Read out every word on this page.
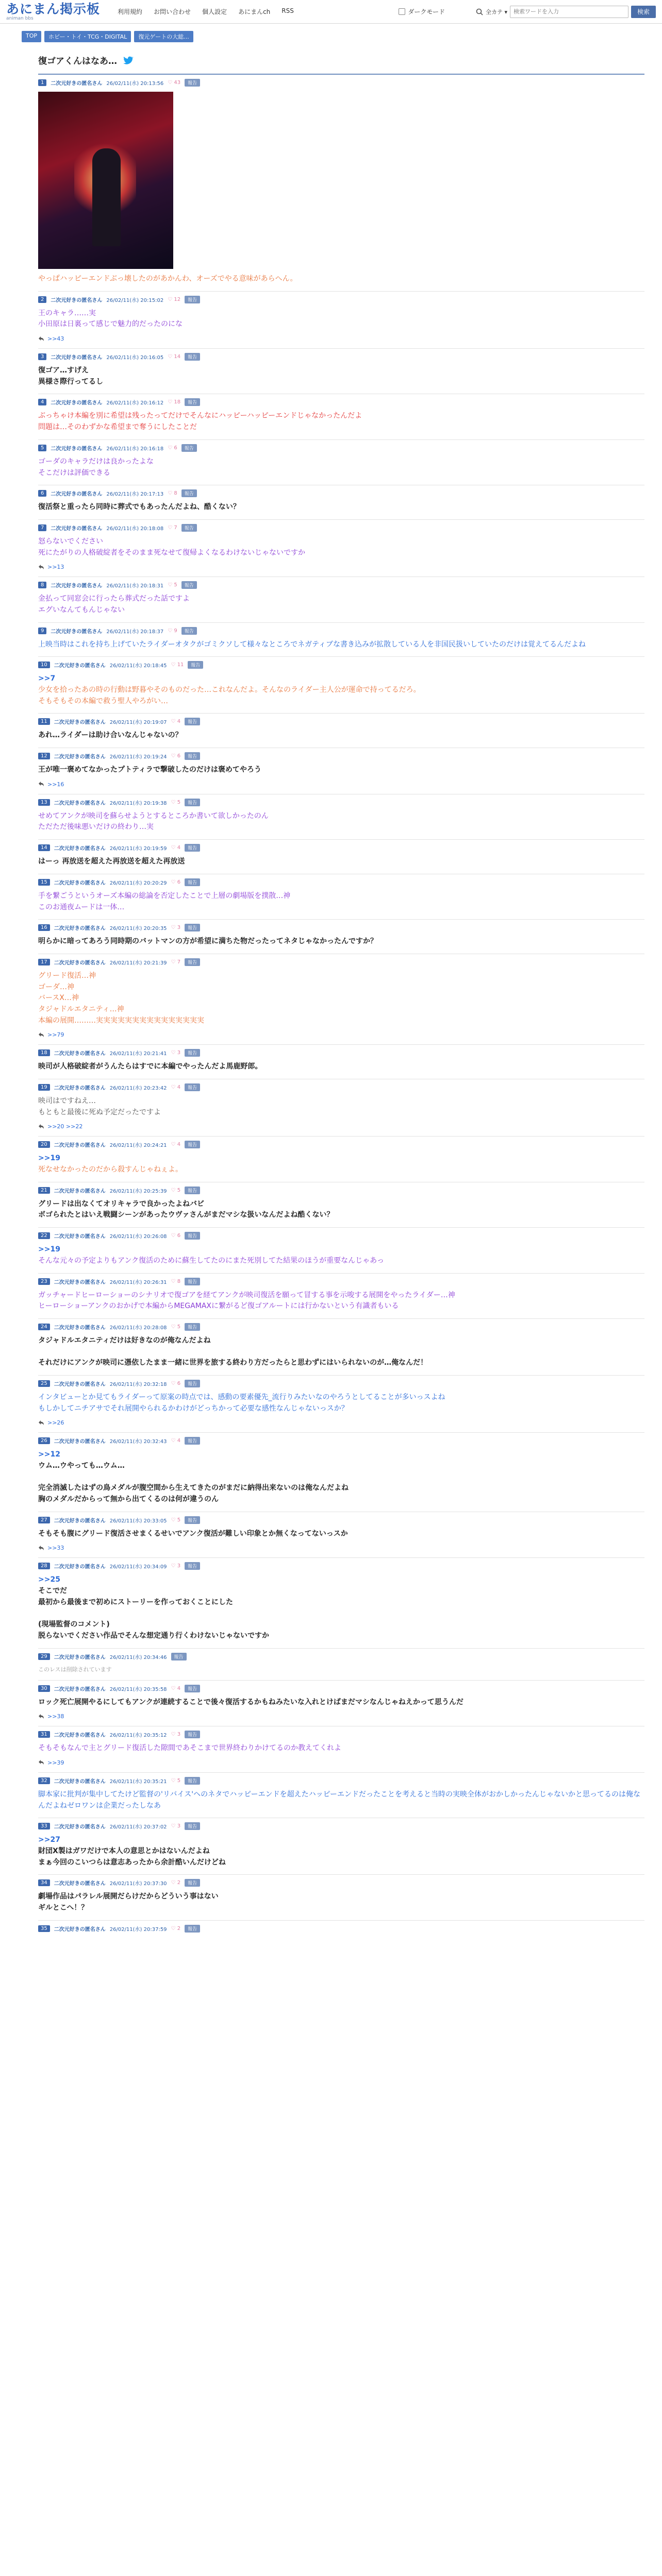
あにまん掲示板
animan bbs
利用規約 お問い合わせ 個人設定 あにまんch RSS	ダークモード	全カテ ▾
検索ワードを入力	検索
TOP	ホビー・トイ・TCG・DIGITAL	復元ゲートの大総...
復ゴアくんはなあ…
1	二次元好きの匿名さん 26/02/11(水) 20:13:56 ♡ 43	報告
やっぱハッピーエンドぶっ壊したのがあかんわ、オーズでやる意味があらへん。
2	二次元好きの匿名さん 26/02/11(水) 20:15:02 ♡ 12	報告
王のキャラ……実
小田原は日裏って感じで魅力的だったのにな
>>43
3	二次元好きの匿名さん 26/02/11(水) 20:16:05 ♡ 14	報告
復ゴア…すげえ
異様さ際行ってるし
4	二次元好きの匿名さん 26/02/11(水) 20:16:12 ♡ 18	報告
ぶっちゃけ本編を別に希望は残ったってだけでそんなにハッピーハッピーエンドじゃなかったんだよ
問題は…そのわずかな希望まで奪うにしたことだ
5	二次元好きの匿名さん 26/02/11(水) 20:16:18 ♡ 6	報告
ゴーダのキャラだけは良かったよな
そこだけは評価できる
6	二次元好きの匿名さん 26/02/11(水) 20:17:13 ♡ 8	報告
復活祭と重ったら同時に葬式でもあったんだよね、酷くない？
7	二次元好きの匿名さん 26/02/11(水) 20:18:08 ♡ 7	報告
怒らないでください
死にたがりの人格破綻者をそのまま死なせて復帰よくなるわけないじゃないですか
>>13
8	二次元好きの匿名さん 26/02/11(水) 20:18:31 ♡ 5	報告
金払って同窓会に行ったら葬式だった話ですよ
エグいなんてもんじゃない
9	二次元好きの匿名さん 26/02/11(水) 20:18:37 ♡ 9	報告
上映当時はこれを持ち上げていたライダーオタクがゴミクソして様々なところでネガティブな書き込みが拡散している人を非国民扱いしていたのだけは覚えてるんだよね
10	二次元好きの匿名さん 26/02/11(水) 20:18:45 ♡ 11	報告
>>7
少女を拾ったあの時の行動は野暮やそのものだった…これなんだよ。そんなのライダー主人公が運命で持ってるだろ。
そもそもその本編で救う聖人やろがい…
11	二次元好きの匿名さん 26/02/11(水) 20:19:07 ♡ 4	報告
あれ…ライダーは助け合いなんじゃないの？
12	二次元好きの匿名さん 26/02/11(水) 20:19:24 ♡ 6	報告
王が唯一褒めてなかったプトティラで撃破したのだけは褒めてやろう
>>16
13	二次元好きの匿名さん 26/02/11(水) 20:19:38 ♡ 5	報告
せめてアンクが映司を蘇らせようとするところか書いて欲しかったのん
ただただ後味悪いだけの終わり…実
14	二次元好きの匿名さん 26/02/11(水) 20:19:59 ♡ 4	報告
はーっ 再放送を超えた再放送を超えた再放送
15	二次元好きの匿名さん 26/02/11(水) 20:20:29 ♡ 6	報告
手を繋ごうというオーズ本編の総論を否定したことで上層の劇場版を撲散…神
このお通夜ムードは一体…
16	二次元好きの匿名さん 26/02/11(水) 20:20:35 ♡ 3	報告
明らかに暗ってあろう同時期のバットマンの方が希望に満ちた物だったってネタじゃなかったんですか？
17	二次元好きの匿名さん 26/02/11(水) 20:21:39 ♡ 7	報告
グリード復活…神
ゴーダ…神
バースX…神
タジャドルエタニティ…神
本編の展開………実実実実実実実実実実実実実実実
>>79
18	二次元好きの匿名さん 26/02/11(水) 20:21:41 ♡ 3	報告
映司が人格破綻者がうんたらはすでに本編でやったんだよ馬鹿野郎。
19	二次元好きの匿名さん 26/02/11(水) 20:23:42 ♡ 4	報告
映司はですねえ…
もともと最後に死ぬ予定だったですよ
>>20 >>22
20	二次元好きの匿名さん 26/02/11(水) 20:24:21 ♡ 4	報告
>>19
死なせなかったのだから殺すんじゃねぇよ。
21	二次元好きの匿名さん 26/02/11(水) 20:25:39 ♡ 5	報告
グリードは出なくてオリキャラで良かったよねバビ
ボゴられたとはいえ戦闘シーンがあったウヴァさんがまだマシな扱いなんだよね酷くない？
22	二次元好きの匿名さん 26/02/11(水) 20:26:08 ♡ 6	報告
>>19
そんな元々の予定よりもアンク復活のために蘇生してたのにまた死別してた結果のほうが重要なんじゃあっ
23	二次元好きの匿名さん 26/02/11(水) 20:26:31 ♡ 8	報告
ガッチャードヒーローショーのシナリオで復ゴアを経てアンクが映司復活を願って冒する事を示唆する展開をやったライダー…神
ヒーローショーアンクのおかげで本編からMEGAMAXに繋がるど復ゴアルートには行かないという有識者もいる
24	二次元好きの匿名さん 26/02/11(水) 20:28:08 ♡ 5	報告
タジャドルエタニティだけは好きなのが俺なんだよね

それだけにアンクが映司に憑依したまま一緒に世界を旅する終わり方だったらと思わずにはいられないのが…俺なんだ！
25	二次元好きの匿名さん 26/02/11(水) 20:32:18 ♡ 6	報告
インタビューとか見てもライダーって原案の時点では、感動の要素優先_流行りみたいなのやろうとしてることが多いっスよね
もしかしてニチアサでそれ展開やられるかわけがどっちかって必要な感性なんじゃないっスか？
>>26
26	二次元好きの匿名さん 26/02/11(水) 20:32:43 ♡ 4	報告
>>12
ウム…ウやっても…ウム…

完全消滅したはずの鳥メダルが腹空間から生えてきたのがまだに納得出来ないのは俺なんだよね
胸のメダルだからって無から出てくるのは何が違うのん
27	二次元好きの匿名さん 26/02/11(水) 20:33:05 ♡ 5	報告
そもそも腹にグリード復活させまくるせいでアンク復活が難しい印象とか無くなってないっスか
>>33
28	二次元好きの匿名さん 26/02/11(水) 20:34:09 ♡ 3	報告
>>25
そこでだ
最初から最後まで初めにストーリーを作っておくことにした

(現場監督のコメント)
脱らないでください作品でそんな想定通り行くわけないじゃないですか
29	二次元好きの匿名さん 26/02/11(水) 20:34:46	報告
このレスは削除されています
30	二次元好きの匿名さん 26/02/11(水) 20:35:58 ♡ 4	報告
ロック死亡展開やるにしてもアンクが連続することで後々復活するかもねみたいな入れとけばまだマシなんじゃねえかって思うんだ
>>38
31	二次元好きの匿名さん 26/02/11(水) 20:35:12 ♡ 3	報告
そもそもなんで主とグリード復活した隙間であそこまで世界終わりかけてるのか教えてくれよ
>>39
32	二次元好きの匿名さん 26/02/11(水) 20:35:21 ♡ 5	報告
脚本家に批判が集中してたけど監督の'リバイス'ヘのネタでハッピーエンドを超えたハッピーエンドだったことを考えると当時の実映全体がおかしかったんじゃないかと思ってるのは俺なんだよねゼロワンは企業だったしなあ
33	二次元好きの匿名さん 26/02/11(水) 20:37:02 ♡ 3	報告
>>27
財団X製はガワだけで本人の意思とかはないんだよね
まぁ今回のこいつらは意志あったから余計酷いんだけどね
34	二次元好きの匿名さん 26/02/11(水) 20:37:30 ♡ 2	報告
劇場作品はパラレル展開だらけだからどういう事はない
ギルとこへ！？
35	二次元好きの匿名さん 26/02/11(水) 20:37:59 ♡ 2	報告
